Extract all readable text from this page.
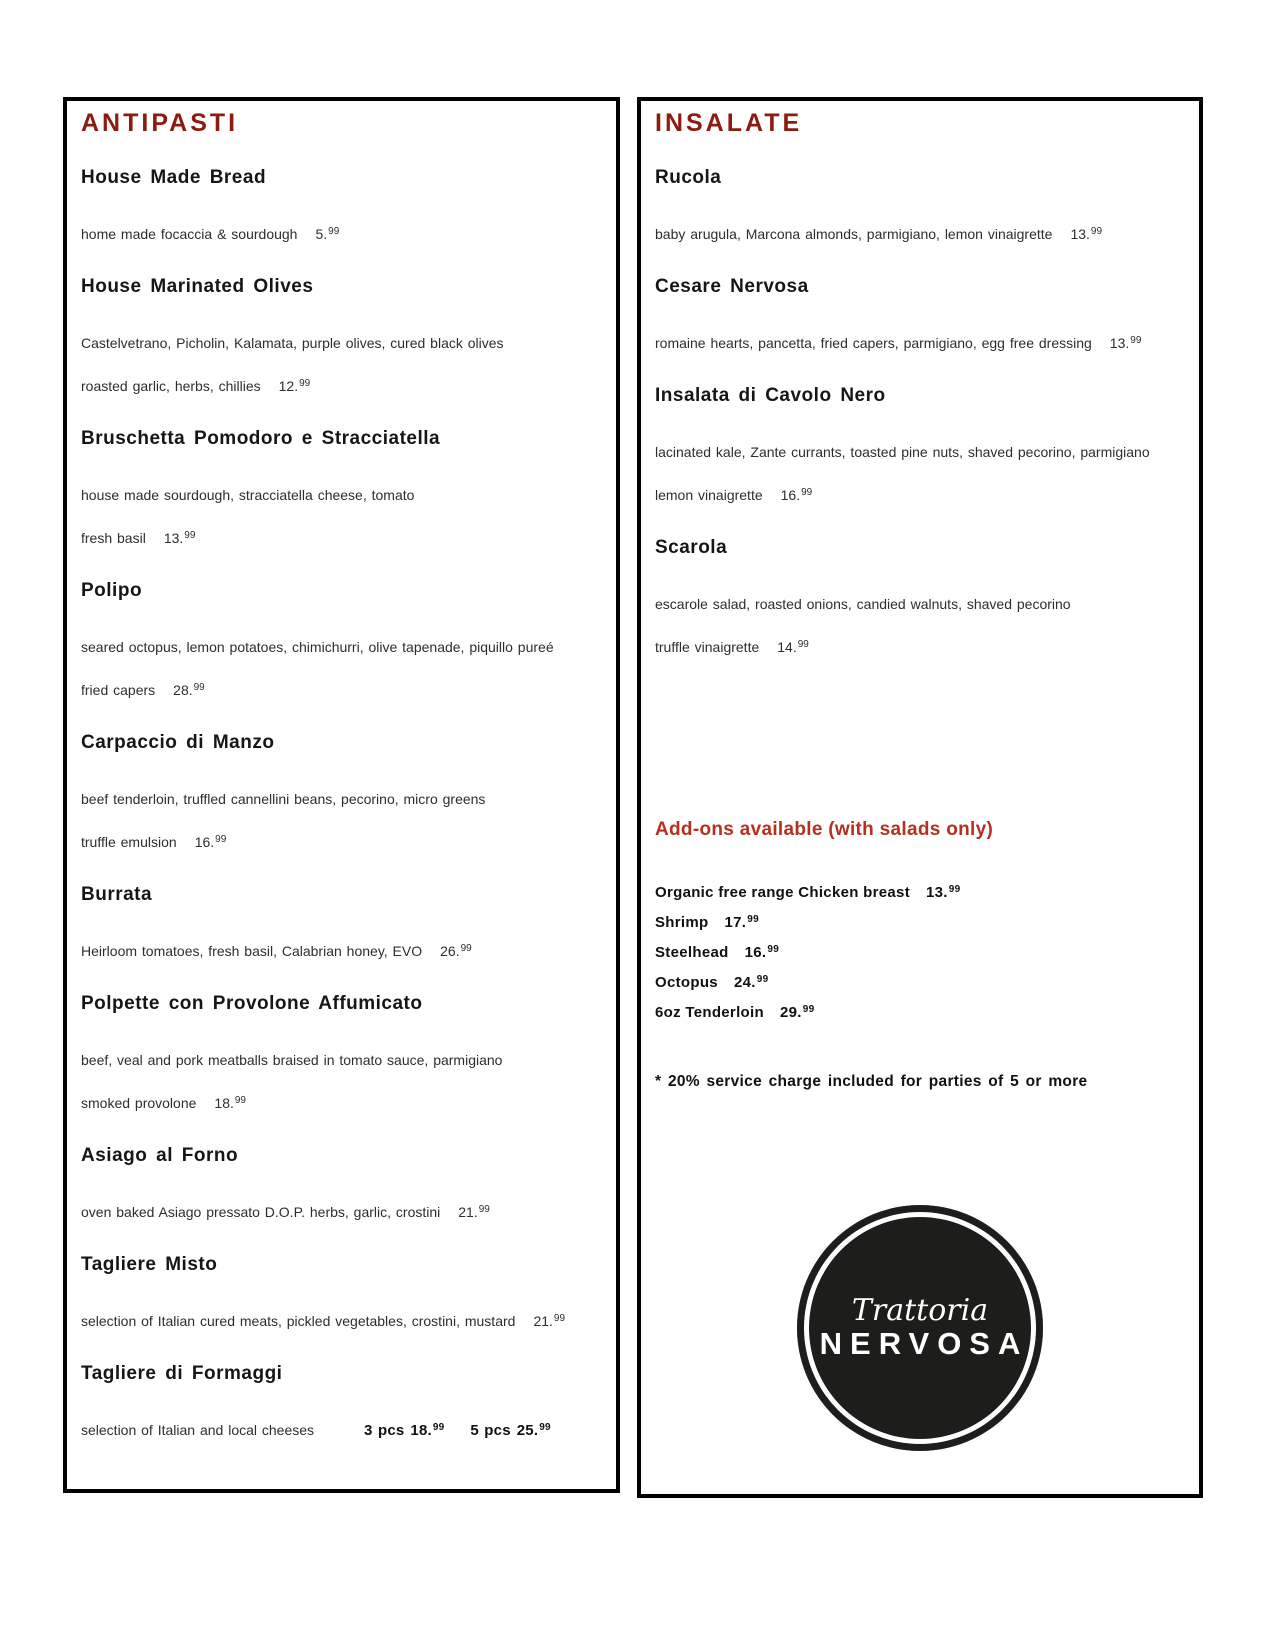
ANTIPASTI
House Made Bread
home made focaccia & sourdough 5.99
House Marinated Olives
Castelvetrano, Picholin, Kalamata, purple olives, cured black olives
roasted garlic, herbs, chillies 12.99
Bruschetta Pomodoro e Stracciatella
house made sourdough, stracciatella cheese, tomato
fresh basil 13.99
Polipo
seared octopus, lemon potatoes, chimichurri, olive tapenade, piquillo pureé
fried capers 28.99
Carpaccio di Manzo
beef tenderloin, truffled cannellini beans, pecorino, micro greens
truffle emulsion 16.99
Burrata
Heirloom tomatoes, fresh basil, Calabrian honey, EVO 26.99
Polpette con Provolone Affumicato
beef, veal and pork meatballs braised in tomato sauce, parmigiano
smoked provolone 18.99
Asiago al Forno
oven baked Asiago pressato D.O.P. herbs, garlic, crostini 21.99
Tagliere Misto
selection of Italian cured meats, pickled vegetables, crostini, mustard 21.99
Tagliere di Formaggi
selection of Italian and local cheeses	3 pcs 18.99 5 pcs 25.99
INSALATE
Rucola
baby arugula, Marcona almonds, parmigiano, lemon vinaigrette 13.99
Cesare Nervosa
romaine hearts, pancetta, fried capers, parmigiano, egg free dressing 13.99
Insalata di Cavolo Nero
lacinated kale, Zante currants, toasted pine nuts, shaved pecorino, parmigiano
lemon vinaigrette 16.99
Scarola
escarole salad, roasted onions, candied walnuts, shaved pecorino
truffle vinaigrette 14.99
Add-ons available (with salads only)
Organic free range Chicken breast 13.99
Shrimp 17.99
Steelhead 16.99
Octopus 24.99
6oz Tenderloin 29.99
* 20% service charge included for parties of 5 or more
Trattoria
NERVOSA
